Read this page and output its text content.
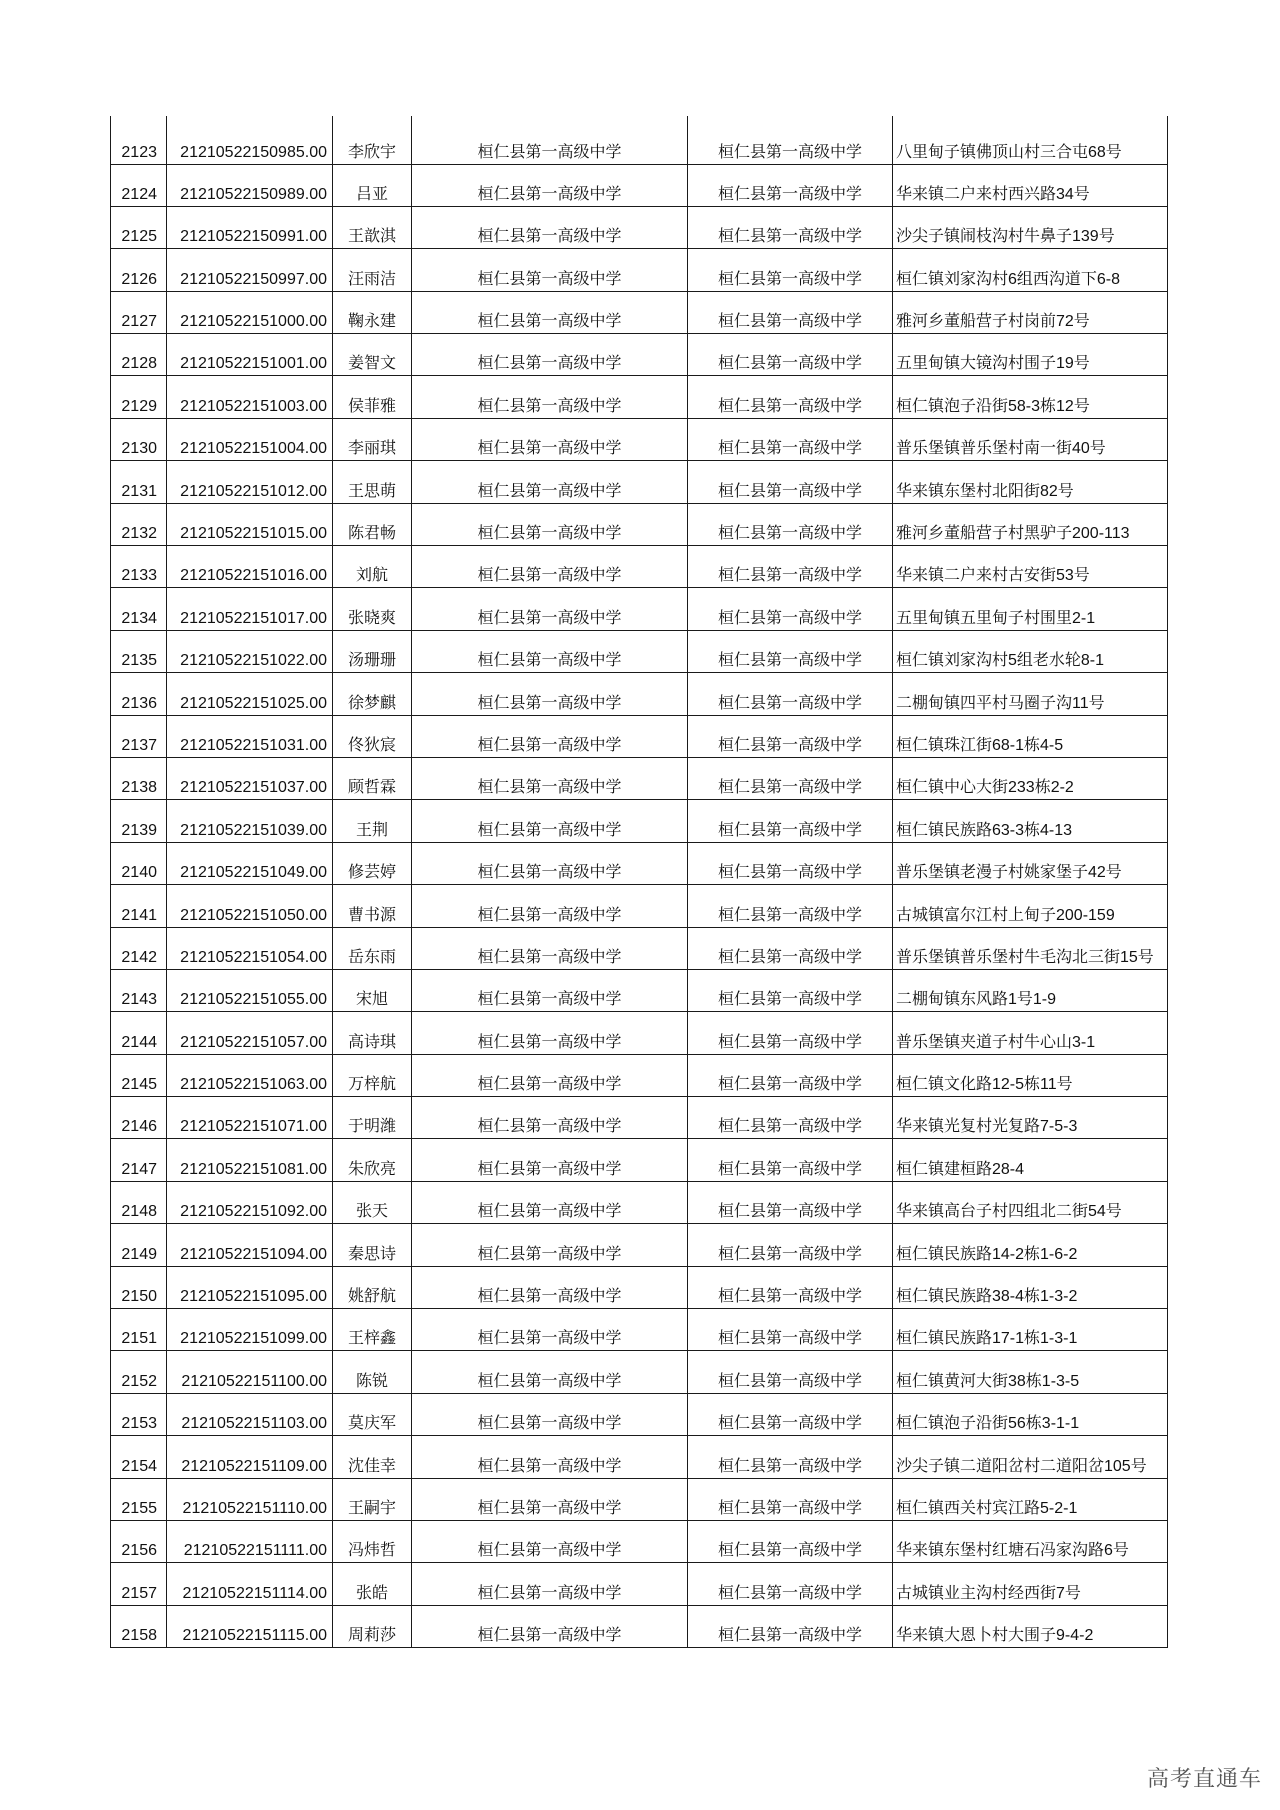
2123	21210522150985.00	李欣宇	桓仁县第一高级中学	桓仁县第一高级中学	八里甸子镇佛顶山村三合屯68号
2124	21210522150989.00	吕亚	桓仁县第一高级中学	桓仁县第一高级中学	华来镇二户来村西兴路34号
2125	21210522150991.00	王歆淇	桓仁县第一高级中学	桓仁县第一高级中学	沙尖子镇闹枝沟村牛鼻子139号
2126	21210522150997.00	汪雨洁	桓仁县第一高级中学	桓仁县第一高级中学	桓仁镇刘家沟村6组西沟道下6-8
2127	21210522151000.00	鞠永建	桓仁县第一高级中学	桓仁县第一高级中学	雅河乡董船营子村岗前72号
2128	21210522151001.00	姜智文	桓仁县第一高级中学	桓仁县第一高级中学	五里甸镇大镜沟村围子19号
2129	21210522151003.00	侯菲雅	桓仁县第一高级中学	桓仁县第一高级中学	桓仁镇泡子沿街58-3栋12号
2130	21210522151004.00	李丽琪	桓仁县第一高级中学	桓仁县第一高级中学	普乐堡镇普乐堡村南一街40号
2131	21210522151012.00	王思萌	桓仁县第一高级中学	桓仁县第一高级中学	华来镇东堡村北阳街82号
2132	21210522151015.00	陈君畅	桓仁县第一高级中学	桓仁县第一高级中学	雅河乡董船营子村黑驴子200-113
2133	21210522151016.00	刘航	桓仁县第一高级中学	桓仁县第一高级中学	华来镇二户来村古安街53号
2134	21210522151017.00	张晓爽	桓仁县第一高级中学	桓仁县第一高级中学	五里甸镇五里甸子村围里2-1
2135	21210522151022.00	汤珊珊	桓仁县第一高级中学	桓仁县第一高级中学	桓仁镇刘家沟村5组老水轮8-1
2136	21210522151025.00	徐梦麒	桓仁县第一高级中学	桓仁县第一高级中学	二棚甸镇四平村马圈子沟11号
2137	21210522151031.00	佟狄宸	桓仁县第一高级中学	桓仁县第一高级中学	桓仁镇珠江街68-1栋4-5
2138	21210522151037.00	顾哲霖	桓仁县第一高级中学	桓仁县第一高级中学	桓仁镇中心大街233栋2-2
2139	21210522151039.00	王荆	桓仁县第一高级中学	桓仁县第一高级中学	桓仁镇民族路63-3栋4-13
2140	21210522151049.00	修芸婷	桓仁县第一高级中学	桓仁县第一高级中学	普乐堡镇老漫子村姚家堡子42号
2141	21210522151050.00	曹书源	桓仁县第一高级中学	桓仁县第一高级中学	古城镇富尔江村上甸子200-159
2142	21210522151054.00	岳东雨	桓仁县第一高级中学	桓仁县第一高级中学	普乐堡镇普乐堡村牛毛沟北三街15号
2143	21210522151055.00	宋旭	桓仁县第一高级中学	桓仁县第一高级中学	二棚甸镇东风路1号1-9
2144	21210522151057.00	高诗琪	桓仁县第一高级中学	桓仁县第一高级中学	普乐堡镇夹道子村牛心山3-1
2145	21210522151063.00	万梓航	桓仁县第一高级中学	桓仁县第一高级中学	桓仁镇文化路12-5栋11号
2146	21210522151071.00	于明潍	桓仁县第一高级中学	桓仁县第一高级中学	华来镇光复村光复路7-5-3
2147	21210522151081.00	朱欣亮	桓仁县第一高级中学	桓仁县第一高级中学	桓仁镇建桓路28-4
2148	21210522151092.00	张天	桓仁县第一高级中学	桓仁县第一高级中学	华来镇高台子村四组北二街54号
2149	21210522151094.00	秦思诗	桓仁县第一高级中学	桓仁县第一高级中学	桓仁镇民族路14-2栋1-6-2
2150	21210522151095.00	姚舒航	桓仁县第一高级中学	桓仁县第一高级中学	桓仁镇民族路38-4栋1-3-2
2151	21210522151099.00	王梓鑫	桓仁县第一高级中学	桓仁县第一高级中学	桓仁镇民族路17-1栋1-3-1
2152	21210522151100.00	陈锐	桓仁县第一高级中学	桓仁县第一高级中学	桓仁镇黄河大街38栋1-3-5
2153	21210522151103.00	莫庆军	桓仁县第一高级中学	桓仁县第一高级中学	桓仁镇泡子沿街56栋3-1-1
2154	21210522151109.00	沈佳幸	桓仁县第一高级中学	桓仁县第一高级中学	沙尖子镇二道阳岔村二道阳岔105号
2155	21210522151110.00	王嗣宇	桓仁县第一高级中学	桓仁县第一高级中学	桓仁镇西关村宾江路5-2-1
2156	21210522151111.00	冯炜哲	桓仁县第一高级中学	桓仁县第一高级中学	华来镇东堡村红塘石冯家沟路6号
2157	21210522151114.00	张皓	桓仁县第一高级中学	桓仁县第一高级中学	古城镇业主沟村经西街7号
2158	21210522151115.00	周莉莎	桓仁县第一高级中学	桓仁县第一高级中学	华来镇大恩卜村大围子9-4-2
高考直通车
